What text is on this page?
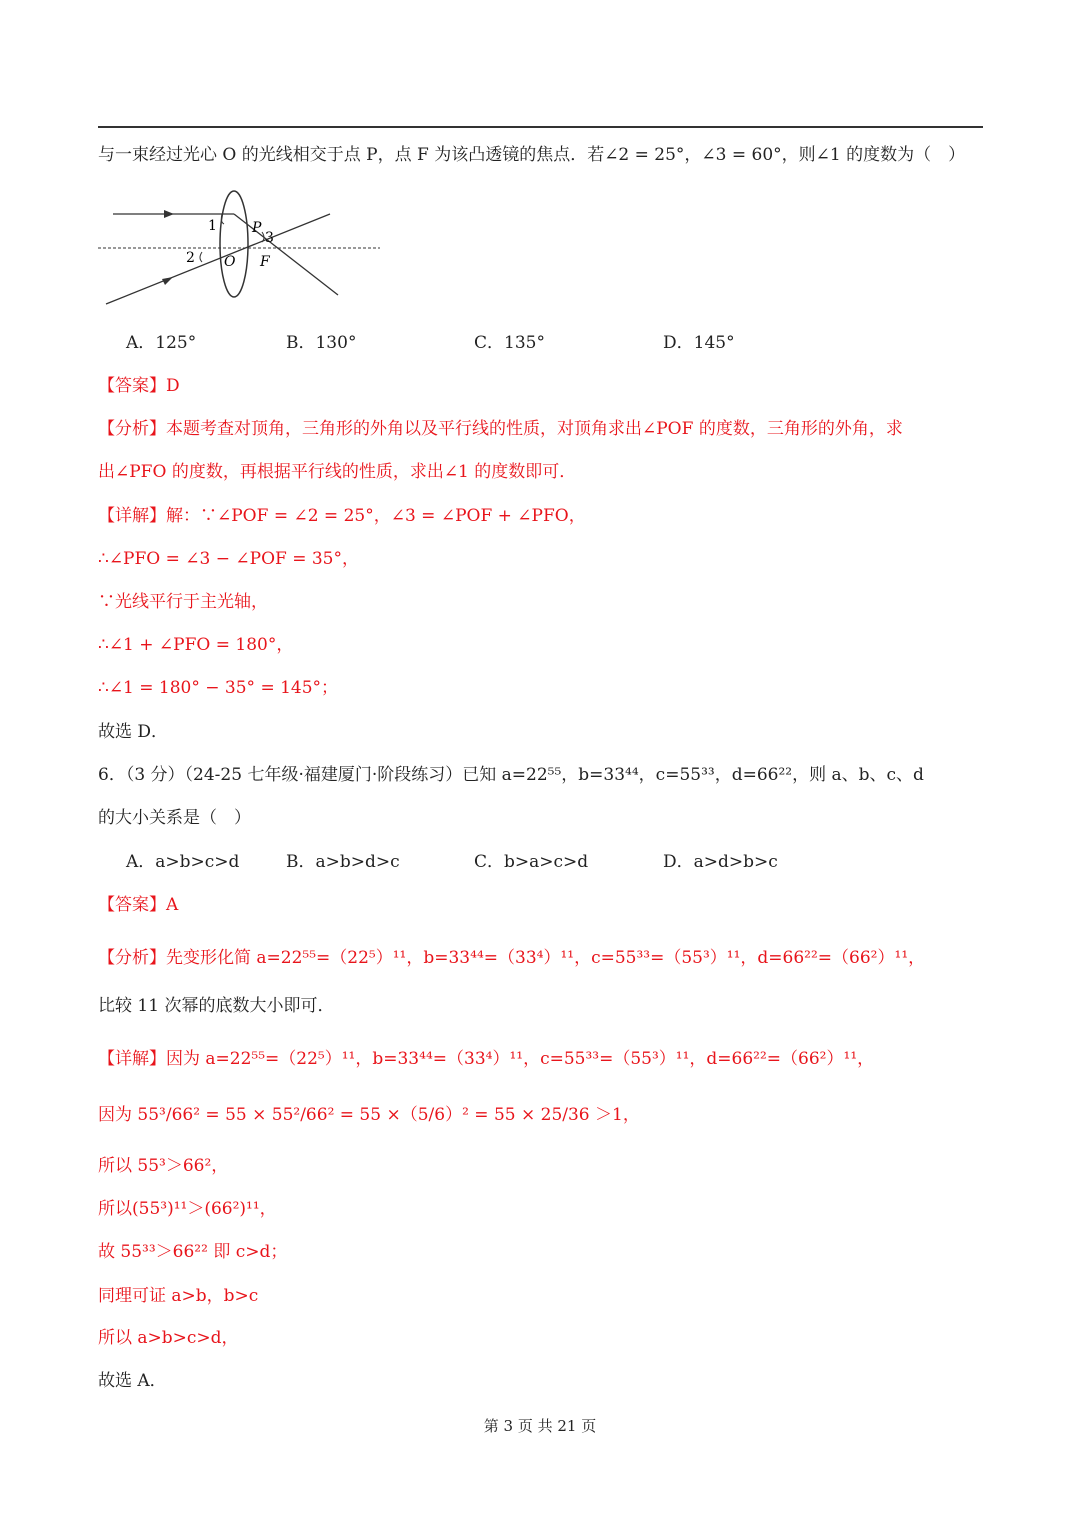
与一束经过光心 O 的光线相交于点 P，点 F 为该凸透镜的焦点．若∠2 = 25°，∠3 = 60°，则∠1 的度数为（　）
1
2
P
3
O F
A．125°	B．130°	C．135°	D．145°
【答案】D
【分析】本题考查对顶角，三角形的外角以及平行线的性质，对顶角求出∠POF 的度数，三角形的外角，求
出∠PFO 的度数，再根据平行线的性质，求出∠1 的度数即可．
【详解】解：∵∠POF = ∠2 = 25°，∠3 = ∠POF + ∠PFO，
∴∠PFO = ∠3 − ∠POF = 35°，
∵光线平行于主光轴，
∴∠1 + ∠PFO = 180°，
∴∠1 = 180° − 35° = 145°；
故选 D．
6．（3 分）（24-25 七年级·福建厦门·阶段练习）已知 a=22⁵⁵，b=33⁴⁴，c=55³³，d=66²²，则 a、b、c、d
的大小关系是（　）
A．a>b>c>d	B．a>b>d>c	C．b>a>c>d	D．a>d>b>c
【答案】A
【分析】先变形化简 a=22⁵⁵=（22⁵）¹¹，b=33⁴⁴=（33⁴）¹¹，c=55³³=（55³）¹¹，d=66²²=（66²）¹¹，
比较 11 次幂的底数大小即可．
【详解】因为 a=22⁵⁵=（22⁵）¹¹，b=33⁴⁴=（33⁴）¹¹，c=55³³=（55³）¹¹，d=66²²=（66²）¹¹，
因为 55³/66² = 55 × 55²/66² = 55 ×（5/6）² = 55 × 25/36 ＞1，
所以 55³＞66²，
所以(55³)¹¹＞(66²)¹¹，
故 55³³＞66²² 即 c>d；
同理可证 a>b，b>c
所以 a>b>c>d，
故选 A．
第 3 页 共 21 页
